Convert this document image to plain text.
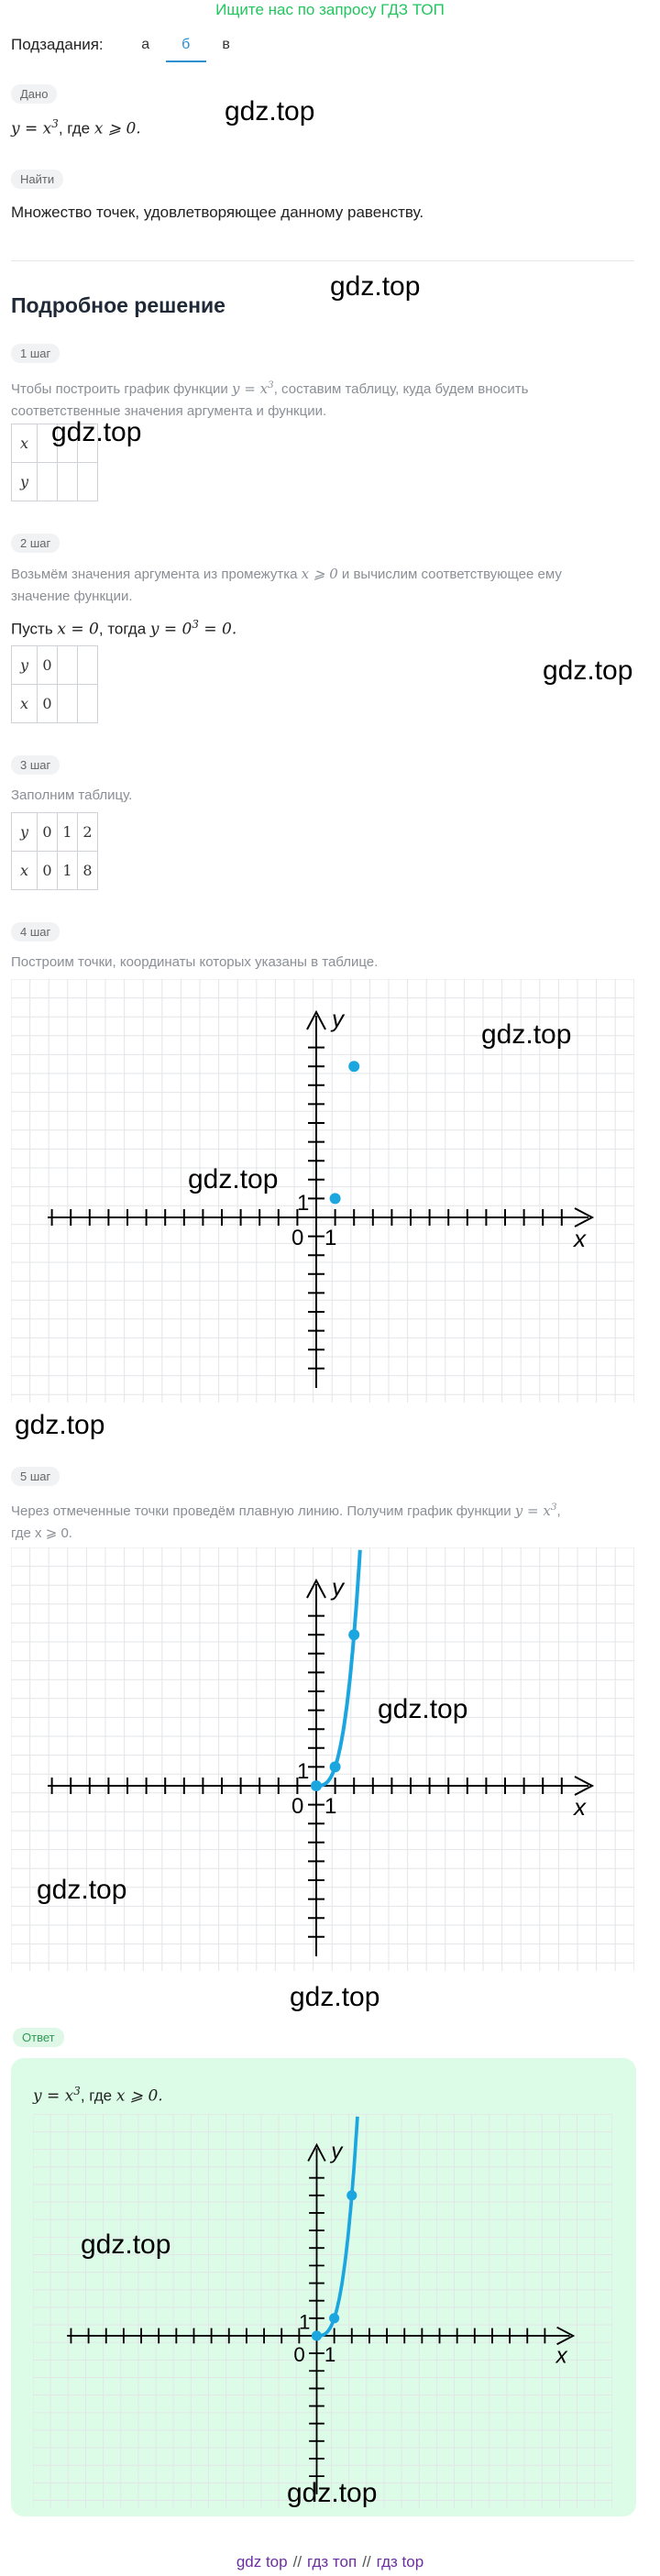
Ищите нас по запросу ГДЗ ТОП
Подзадания:	а	б	в
Дано
$y = x^3$, где x ⩾ 0.
gdz.top
Найти
Множество точек, удовлетворяющее данному равенству.
Подробное решение
gdz.top
1 шаг
Чтобы построить график функции $y = x^3$, составим таблицу, куда будем вносить
соответственные значения аргумента и функции.
x			
y			
gdz.top
2 шаг
Возьмём значения аргумента из промежутка x ⩾ 0 и вычислим соответствующее ему
значение функции.
Пусть x = 0, тогда $y = 0^3 = 0$.
y	0		
x	0		
gdz.top
3 шаг
Заполним таблицу.
y	0	1	2
x	0	1	8
4 шаг
Построим точки, координаты которых указаны в таблице.
x
y
0 1
1
gdz.top
gdz.top
gdz.top
5 шаг
Через отмеченные точки проведём плавную линию. Получим график функции $y = x^3$,
где x ⩾ 0.
x
y
0 1
1
gdz.top
gdz.top
gdz.top
Ответ
$y = x^3$, где x ⩾ 0.
x
y
0 1
1
gdz.top
gdz.top
gdz top // гдз топ // гдз top
